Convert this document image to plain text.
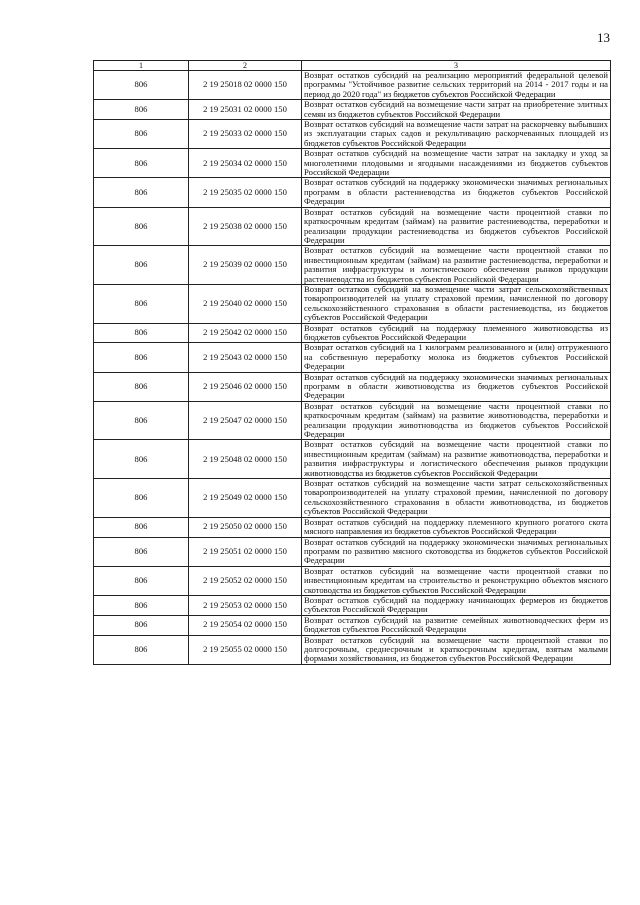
13
1	2	3
806	2 19 25018 02 0000 150	Возврат остатков субсидий на реализацию мероприятий федеральной целевой программы "Устойчивое развитие сельских территорий на 2014 - 2017 годы и на период до 2020 года" из бюджетов субъектов Российской Федерации
806	2 19 25031 02 0000 150	Возврат остатков субсидий на возмещение части затрат на приобретение элитных семян из бюджетов субъектов Российской Федерации
806	2 19 25033 02 0000 150	Возврат остатков субсидий на возмещение части затрат на раскорчевку выбывших из эксплуатации старых садов и рекультивацию раскорчеванных площадей из бюджетов субъектов Российской Федерации
806	2 19 25034 02 0000 150	Возврат остатков субсидий на возмещение части затрат на закладку и уход за многолетними плодовыми и ягодными насаждениями из бюджетов субъектов Российской Федерации
806	2 19 25035 02 0000 150	Возврат остатков субсидий на поддержку экономически значимых региональных программ в области растениеводства из бюджетов субъектов Российской Федерации
806	2 19 25038 02 0000 150	Возврат остатков субсидий на возмещение части процентной ставки по краткосрочным кредитам (займам) на развитие растениеводства, переработки и реализации продукции растениеводства из бюджетов субъектов Российской Федерации
806	2 19 25039 02 0000 150	Возврат остатков субсидий на возмещение части процентной ставки по инвестиционным кредитам (займам) на развитие растениеводства, переработки и развития инфраструктуры и логистического обеспечения рынков продукции растениеводства из бюджетов субъектов Российской Федерации
806	2 19 25040 02 0000 150	Возврат остатков субсидий на возмещение части затрат сельскохозяйственных товаропроизводителей на уплату страховой премии, начисленной по договору сельскохозяйственного страхования в области растениеводства, из бюджетов субъектов Российской Федерации
806	2 19 25042 02 0000 150	Возврат остатков субсидий на поддержку племенного животноводства из бюджетов субъектов Российской Федерации
806	2 19 25043 02 0000 150	Возврат остатков субсидий на 1 килограмм реализованного и (или) отгруженного на собственную переработку молока из бюджетов субъектов Российской Федерации
806	2 19 25046 02 0000 150	Возврат остатков субсидий на поддержку экономически значимых региональных программ в области животноводства из бюджетов субъектов Российской Федерации
806	2 19 25047 02 0000 150	Возврат остатков субсидий на возмещение части процентной ставки по краткосрочным кредитам (займам) на развитие животноводства, переработки и реализации продукции животноводства из бюджетов субъектов Российской Федерации
806	2 19 25048 02 0000 150	Возврат остатков субсидий на возмещение части процентной ставки по инвестиционным кредитам (займам) на развитие животноводства, переработки и развития инфраструктуры и логистического обеспечения рынков продукции животноводства из бюджетов субъектов Российской Федерации
806	2 19 25049 02 0000 150	Возврат остатков субсидий на возмещение части затрат сельскохозяйственных товаропроизводителей на уплату страховой премии, начисленной по договору сельскохозяйственного страхования в области животноводства, из бюджетов субъектов Российской Федерации
806	2 19 25050 02 0000 150	Возврат остатков субсидий на поддержку племенного крупного рогатого скота мясного направления из бюджетов субъектов Российской Федерации
806	2 19 25051 02 0000 150	Возврат остатков субсидий на поддержку экономически значимых региональных программ по развитию мясного скотоводства из бюджетов субъектов Российской Федерации
806	2 19 25052 02 0000 150	Возврат остатков субсидий на возмещение части процентной ставки по инвестиционным кредитам на строительство и реконструкцию объектов мясного скотоводства из бюджетов субъектов Российской Федерации
806	2 19 25053 02 0000 150	Возврат остатков субсидий на поддержку начинающих фермеров из бюджетов субъектов Российской Федерации
806	2 19 25054 02 0000 150	Возврат остатков субсидий на развитие семейных животноводческих ферм из бюджетов субъектов Российской Федерации
806	2 19 25055 02 0000 150	Возврат остатков субсидий на возмещение части процентной ставки по долгосрочным, среднесрочным и краткосрочным кредитам, взятым малыми формами хозяйствования, из бюджетов субъектов Российской Федерации
